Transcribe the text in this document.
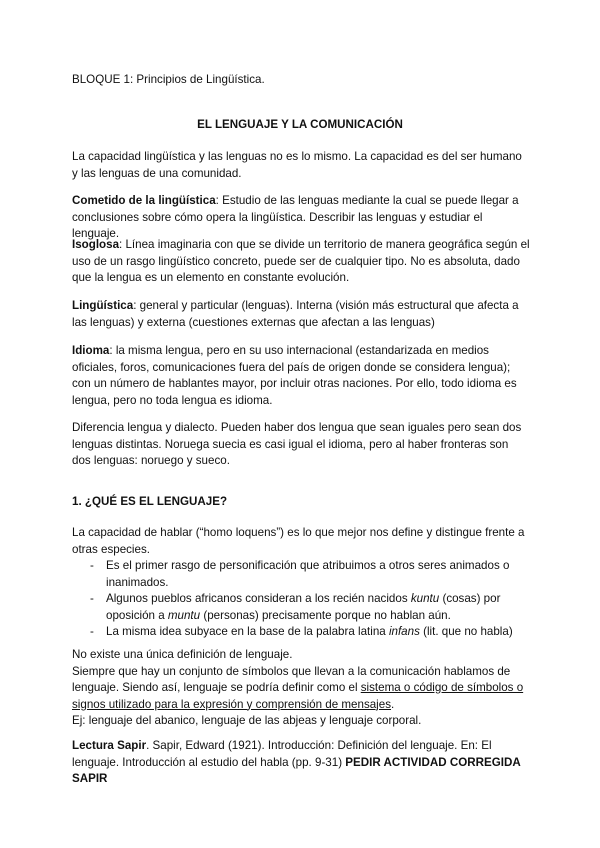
BLOQUE 1: Principios de Lingüística.

EL LENGUAJE Y LA COMUNICACIÓN

La capacidad lingüística y las lenguas no es lo mismo. La capacidad es del ser humano y las lenguas de una comunidad.

Cometido de la lingüística: Estudio de las lenguas mediante la cual se puede llegar a conclusiones sobre cómo opera la lingüística. Describir las lenguas y estudiar el lenguaje.

Isoglosa: Línea imaginaria con que se divide un territorio de manera geográfica según el uso de un rasgo lingüístico concreto, puede ser de cualquier tipo. No es absoluta, dado que la lengua es un elemento en constante evolución.

Lingüística: general y particular (lenguas). Interna (visión más estructural que afecta a las lenguas) y externa (cuestiones externas que afectan a las lenguas)

Idioma: la misma lengua, pero en su uso internacional (estandarizada en medios oficiales, foros, comunicaciones fuera del país de origen donde se considera lengua); con un número de hablantes mayor, por incluir otras naciones. Por ello, todo idioma es lengua, pero no toda lengua es idioma.

Diferencia lengua y dialecto. Pueden haber dos lengua que sean iguales pero sean dos lenguas distintas. Noruega suecia es casi igual el idioma, pero al haber fronteras son dos lenguas: noruego y sueco.

1. ¿QUÉ ES EL LENGUAJE?

La capacidad de hablar (“homo loquens”) es lo que mejor nos define y distingue frente a otras especies.

- Es el primer rasgo de personificación que atribuimos a otros seres animados o inanimados.
- Algunos pueblos africanos consideran a los recién nacidos kuntu (cosas) por oposición a muntu (personas) precisamente porque no hablan aún.
- La misma idea subyace en la base de la palabra latina infans (lit. que no habla)

No existe una única definición de lenguaje.

Siempre que hay un conjunto de símbolos que llevan a la comunicación hablamos de lenguaje. Siendo así, lenguaje se podría definir como el sistema o código de símbolos o signos utilizado para la expresión y comprensión de mensajes.

Ej: lenguaje del abanico, lenguaje de las abjeas y lenguaje corporal.

Lectura Sapir. Sapir, Edward (1921). Introducción: Definición del lenguaje. En: El lenguaje. Introducción al estudio del habla (pp. 9-31) PEDIR ACTIVIDAD CORREGIDA SAPIR
